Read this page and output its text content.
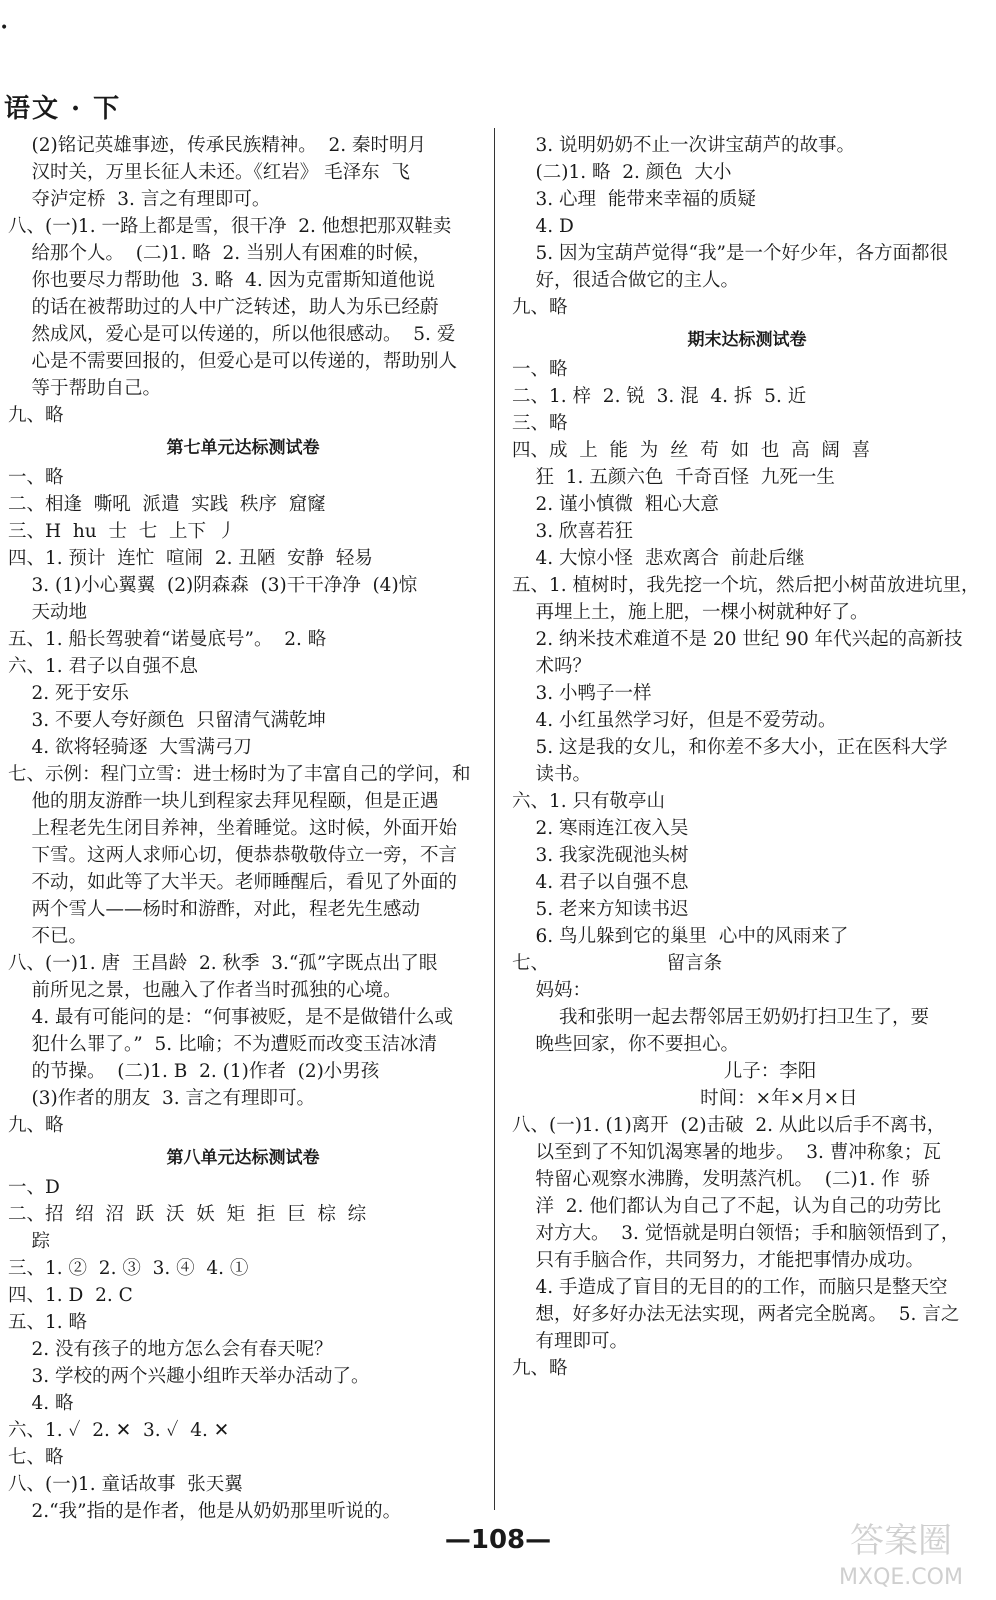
•
语文 · 下
(2)铭记英雄事迹，传承民族精神。  2. 秦时明月
汉时关，万里长征人未还。《红岩》 毛泽东  飞
夺泸定桥  3. 言之有理即可。
八、(一)1. 一路上都是雪，很干净  2. 他想把那双鞋卖
给那个人。  (二)1. 略  2. 当别人有困难的时候，
你也要尽力帮助他  3. 略  4. 因为克雷斯知道他说
的话在被帮助过的人中广泛转述，助人为乐已经蔚
然成风，爱心是可以传递的，所以他很感动。  5. 爱
心是不需要回报的，但爱心是可以传递的，帮助别人
等于帮助自己。
九、略
第七单元达标测试卷
一、略
二、相逢  嘶吼  派遣  实践  秩序  窟窿
三、H  hu  士  七  上下  丿
四、1. 预计  连忙  喧闹  2. 丑陋  安静  轻易
3. (1)小心翼翼  (2)阴森森  (3)干干净净  (4)惊
天动地
五、1. 船长驾驶着“诺曼底号”。  2. 略
六、1. 君子以自强不息
2. 死于安乐
3. 不要人夸好颜色  只留清气满乾坤
4. 欲将轻骑逐  大雪满弓刀
七、示例：程门立雪：进士杨时为了丰富自己的学问，和
他的朋友游酢一块儿到程家去拜见程颐，但是正遇
上程老先生闭目养神，坐着睡觉。这时候，外面开始
下雪。这两人求师心切，便恭恭敬敬侍立一旁，不言
不动，如此等了大半天。老师睡醒后，看见了外面的
两个雪人——杨时和游酢，对此，程老先生感动
不已。
八、(一)1. 唐  王昌龄  2. 秋季  3.“孤”字既点出了眼
前所见之景，也融入了作者当时孤独的心境。
4. 最有可能问的是：“何事被贬，是不是做错什么或
犯什么罪了。”  5. 比喻；不为遭贬而改变玉洁冰清
的节操。  (二)1. B  2. (1)作者  (2)小男孩
(3)作者的朋友  3. 言之有理即可。
九、略
第八单元达标测试卷
一、D
二、招  绍  沼  跃  沃  妖  矩  拒  巨  棕  综
踪
三、1. ②  2. ③  3. ④  4. ①
四、1. D  2. C
五、1. 略
2. 没有孩子的地方怎么会有春天呢？
3. 学校的两个兴趣小组昨天举办活动了。
4. 略
六、1. ✓  2. ✕  3. ✓  4. ✕
七、略
八、(一)1. 童话故事  张天翼
2.“我”指的是作者，他是从奶奶那里听说的。
3. 说明奶奶不止一次讲宝葫芦的故事。
(二)1. 略  2. 颜色  大小
3. 心理  能带来幸福的质疑
4. D
5. 因为宝葫芦觉得“我”是一个好少年，各方面都很
好，很适合做它的主人。
九、略
期末达标测试卷
一、略
二、1. 梓  2. 锐  3. 混  4. 拆  5. 近
三、略
四、成  上  能  为  丝  苟  如  也  高  阔  喜
狂  1. 五颜六色  千奇百怪  九死一生
2. 谨小慎微  粗心大意
3. 欣喜若狂
4. 大惊小怪  悲欢离合  前赴后继
五、1. 植树时，我先挖一个坑，然后把小树苗放进坑里，
再埋上土，施上肥，一棵小树就种好了。
2. 纳米技术难道不是 20 世纪 90 年代兴起的高新技
术吗？
3. 小鸭子一样
4. 小红虽然学习好，但是不爱劳动。
5. 这是我的女儿，和你差不多大小，正在医科大学
读书。
六、1. 只有敬亭山
2. 寒雨连江夜入吴
3. 我家洗砚池头树
4. 君子以自强不息
5. 老来方知读书迟
6. 鸟儿躲到它的巢里  心中的风雨来了
七、                    留言条
妈妈：
我和张明一起去帮邻居王奶奶打扫卫生了，要
晚些回家，你不要担心。
儿子：李阳
时间：×年×月×日
八、(一)1. (1)离开  (2)击破  2. 从此以后手不离书，
以至到了不知饥渴寒暑的地步。  3. 曹冲称象；瓦
特留心观察水沸腾，发明蒸汽机。  (二)1. 作  骄
洋  2. 他们都认为自己了不起，认为自己的功劳比
对方大。  3. 觉悟就是明白领悟；手和脑领悟到了，
只有手脑合作，共同努力，才能把事情办成功。
4. 手造成了盲目的无目的的工作，而脑只是整天空
想，好多好办法无法实现，两者完全脱离。  5. 言之
有理即可。
九、略
—108—	答案圈
MXQE.COM
